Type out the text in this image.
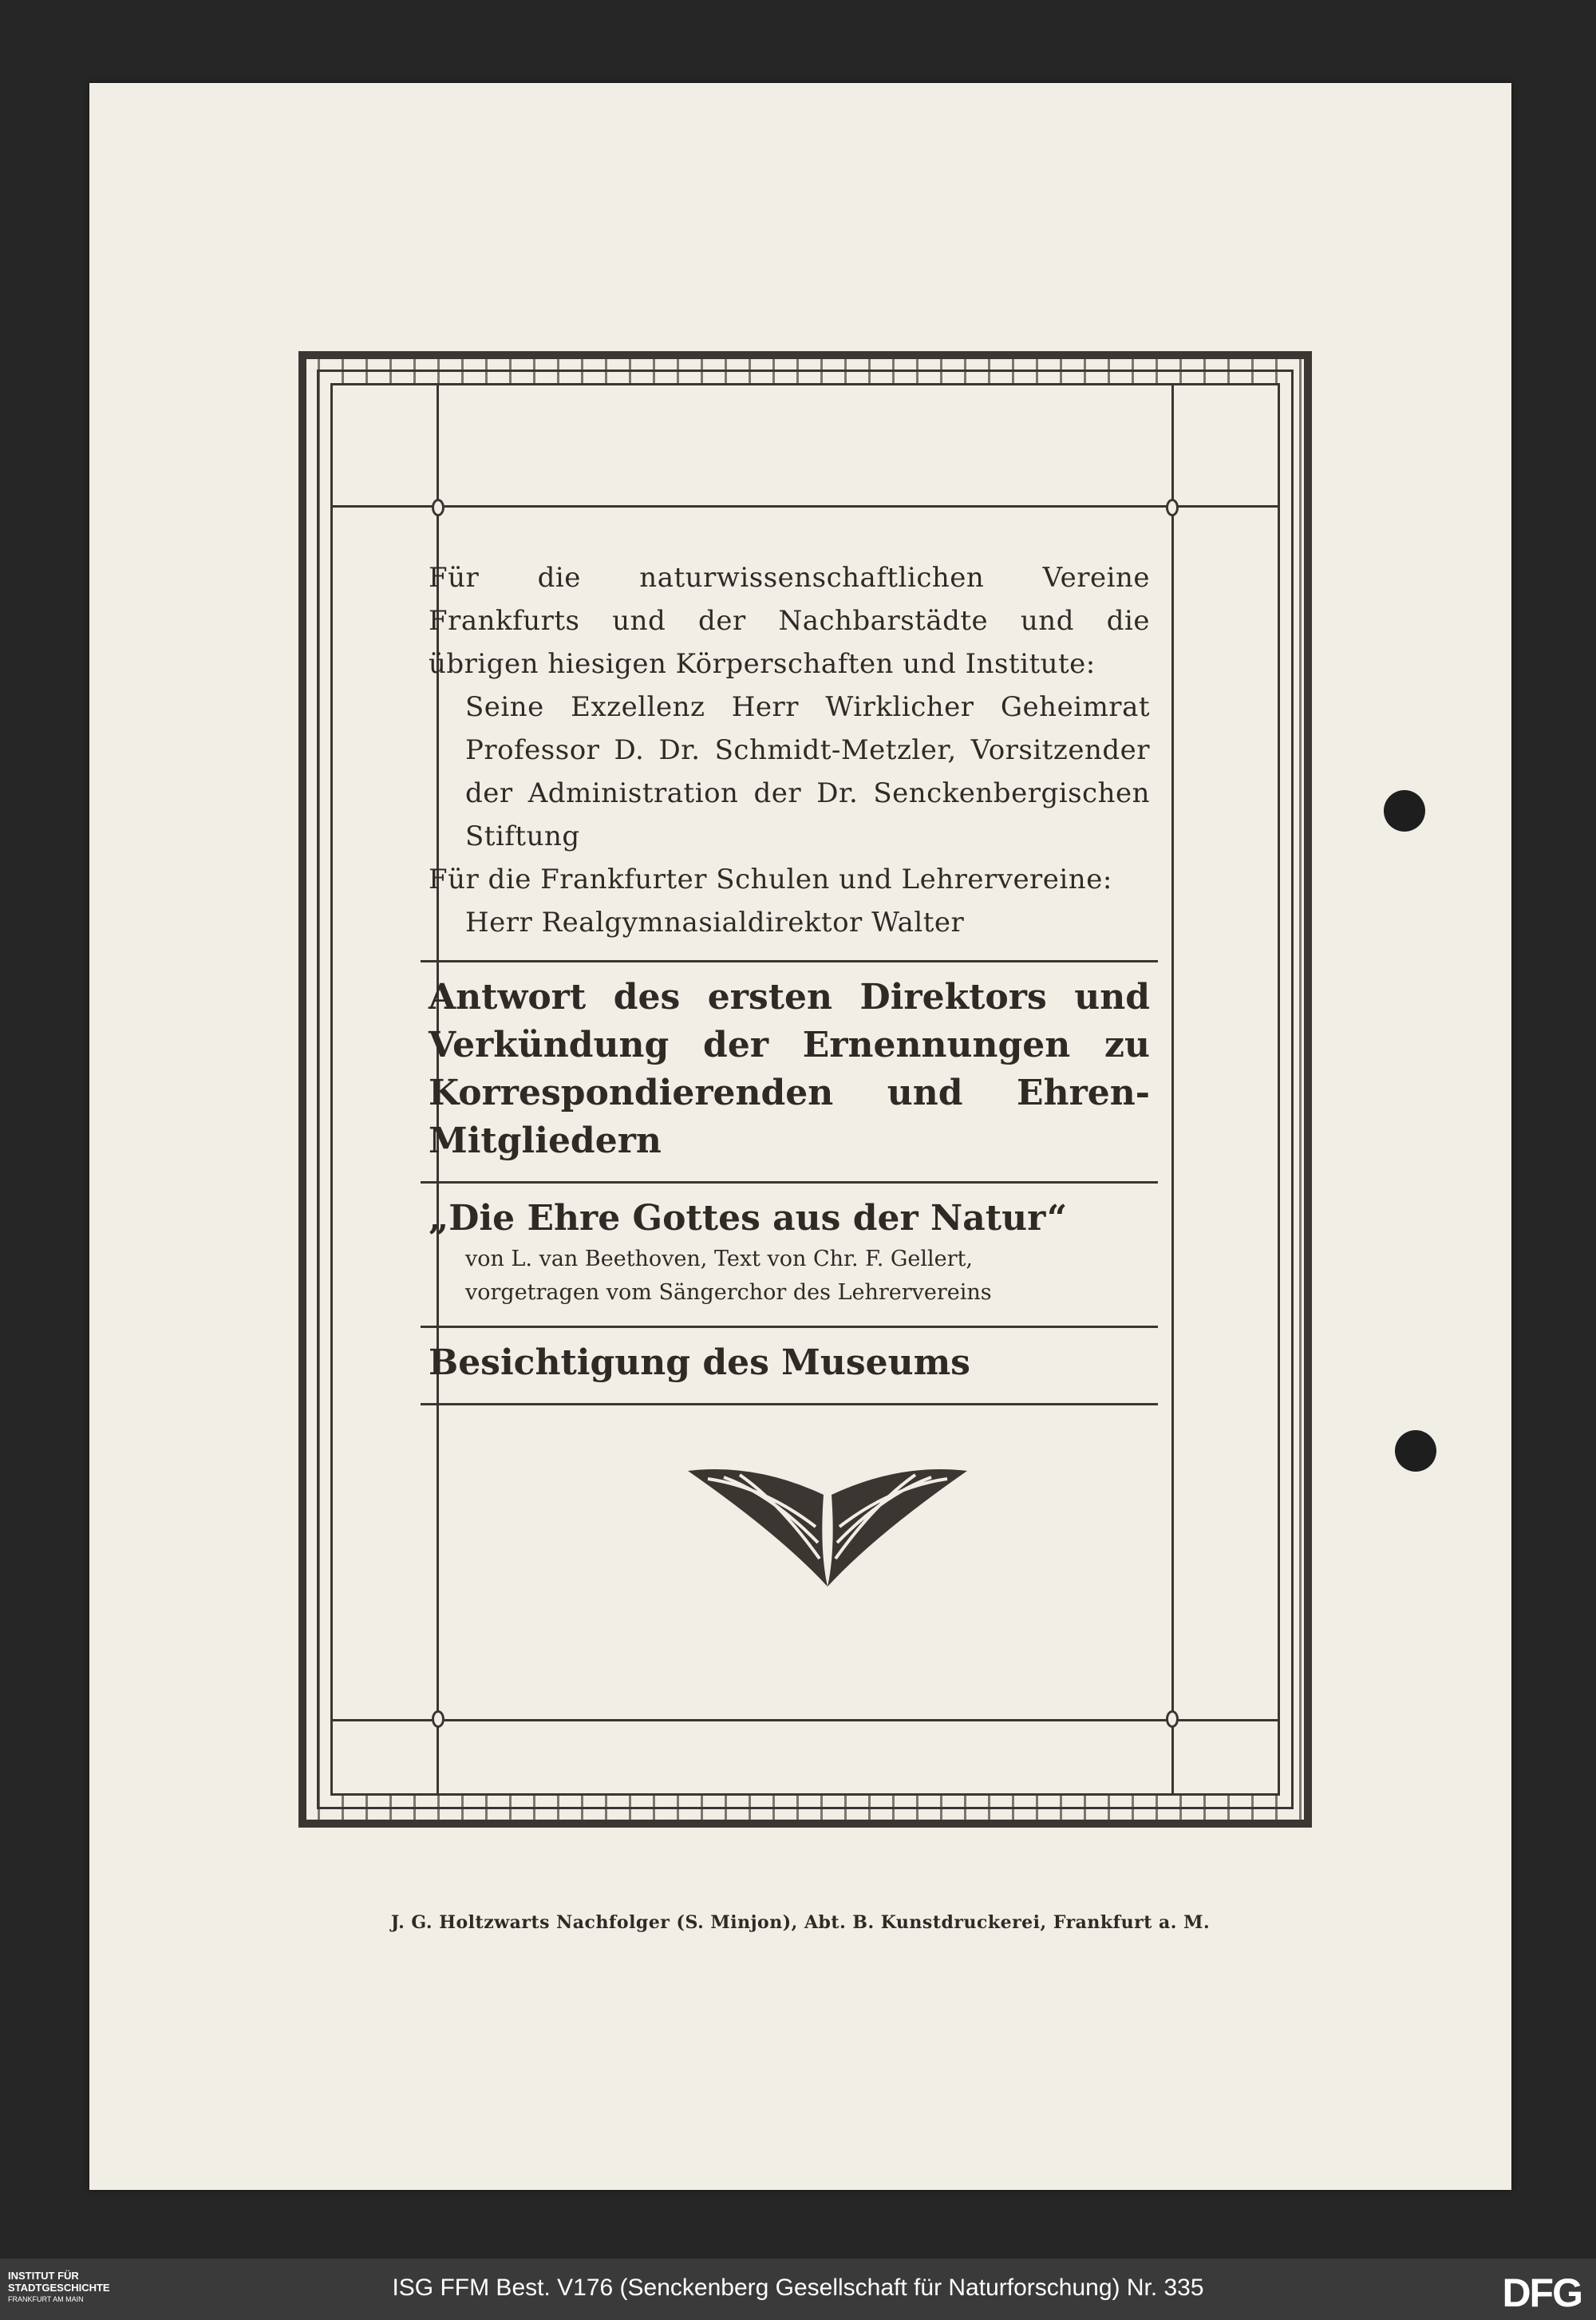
Für die naturwissenschaftlichen Vereine Frankfurts und der Nachbarstädte und die übrigen hiesigen Körperschaften und Institute:
Seine Exzellenz Herr Wirklicher Geheimrat Professor D. Dr. Schmidt-Metzler, Vorsitzender der Administration der Dr. Senckenbergischen Stiftung
Für die Frankfurter Schulen und Lehrervereine:
Herr Realgymnasialdirektor Walter
Antwort des ersten Direktors und Verkündung der Ernennungen zu Korrespondierenden und Ehren-Mitgliedern
„Die Ehre Gottes aus der Natur“
von L. van Beethoven, Text von Chr. F. Gellert,
vorgetragen vom Sängerchor des Lehrervereins
Besichtigung des Museums
J. G. Holtzwarts Nachfolger (S. Minjon), Abt. B. Kunstdruckerei, Frankfurt a. M.
INSTITUT FÜR
STADTGESCHICHTE
FRANKFURT AM MAIN	ISG FFM Best. V176 (Senckenberg Gesellschaft für Naturforschung) Nr. 335	DFG
